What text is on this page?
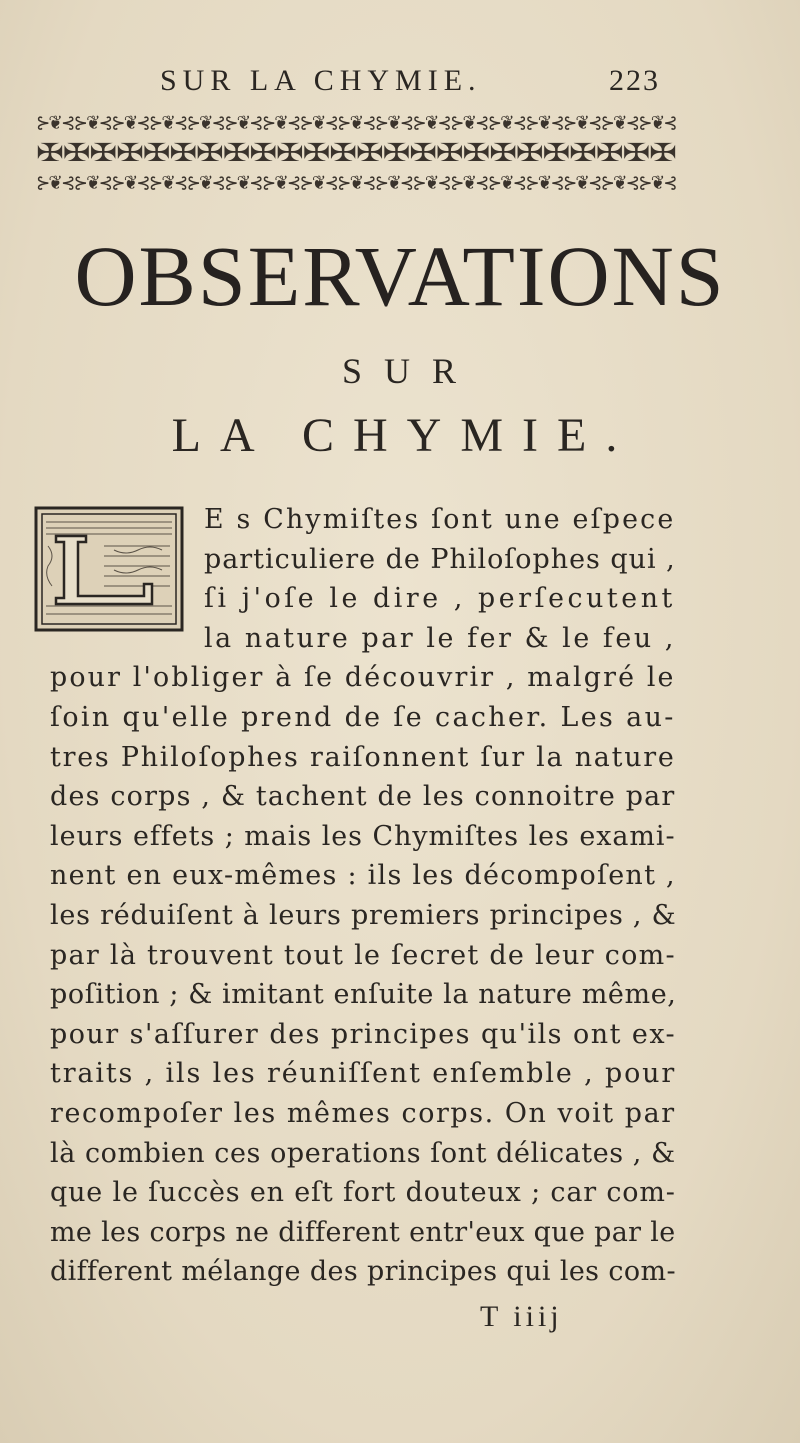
SUR LA CHYMIE.	223
⊱❦⊰⊱❦⊰⊱❦⊰⊱❦⊰⊱❦⊰⊱❦⊰⊱❦⊰⊱❦⊰⊱❦⊰⊱❦⊰⊱❦⊰⊱❦⊰⊱❦⊰⊱❦⊰⊱❦⊰⊱❦⊰⊱❦⊰
✠✠✠✠✠✠✠✠✠✠✠✠✠✠✠✠✠✠✠✠✠✠✠✠
⊱❦⊰⊱❦⊰⊱❦⊰⊱❦⊰⊱❦⊰⊱❦⊰⊱❦⊰⊱❦⊰⊱❦⊰⊱❦⊰⊱❦⊰⊱❦⊰⊱❦⊰⊱❦⊰⊱❦⊰⊱❦⊰⊱❦⊰
OBSERVATIONS
SUR
LA CHYMIE.
E s Chymiſtes ſont une eſpece
particuliere de Philoſophes qui ,
ſi j'oſe le dire , perſecutent
la nature par le fer & le feu ,
pour l'obliger à ſe découvrir , malgré le
ſoin qu'elle prend de ſe cacher. Les au-
tres Philoſophes raiſonnent ſur la nature
des corps , & tachent de les connoitre par
leurs effets ; mais les Chymiſtes les exami-
nent en eux-mêmes : ils les décompoſent ,
les réduiſent à leurs premiers principes , &
par là trouvent tout le ſecret de leur com-
poſition ; & imitant enſuite la nature même,
pour s'aſſurer des principes qu'ils ont ex-
traits , ils les réuniſſent enſemble , pour
recompoſer les mêmes corps. On voit par
là combien ces operations ſont délicates , &
que le ſuccès en eſt fort douteux ; car com-
me les corps ne different entr'eux que par le
different mélange des principes qui les com-
T iiij
